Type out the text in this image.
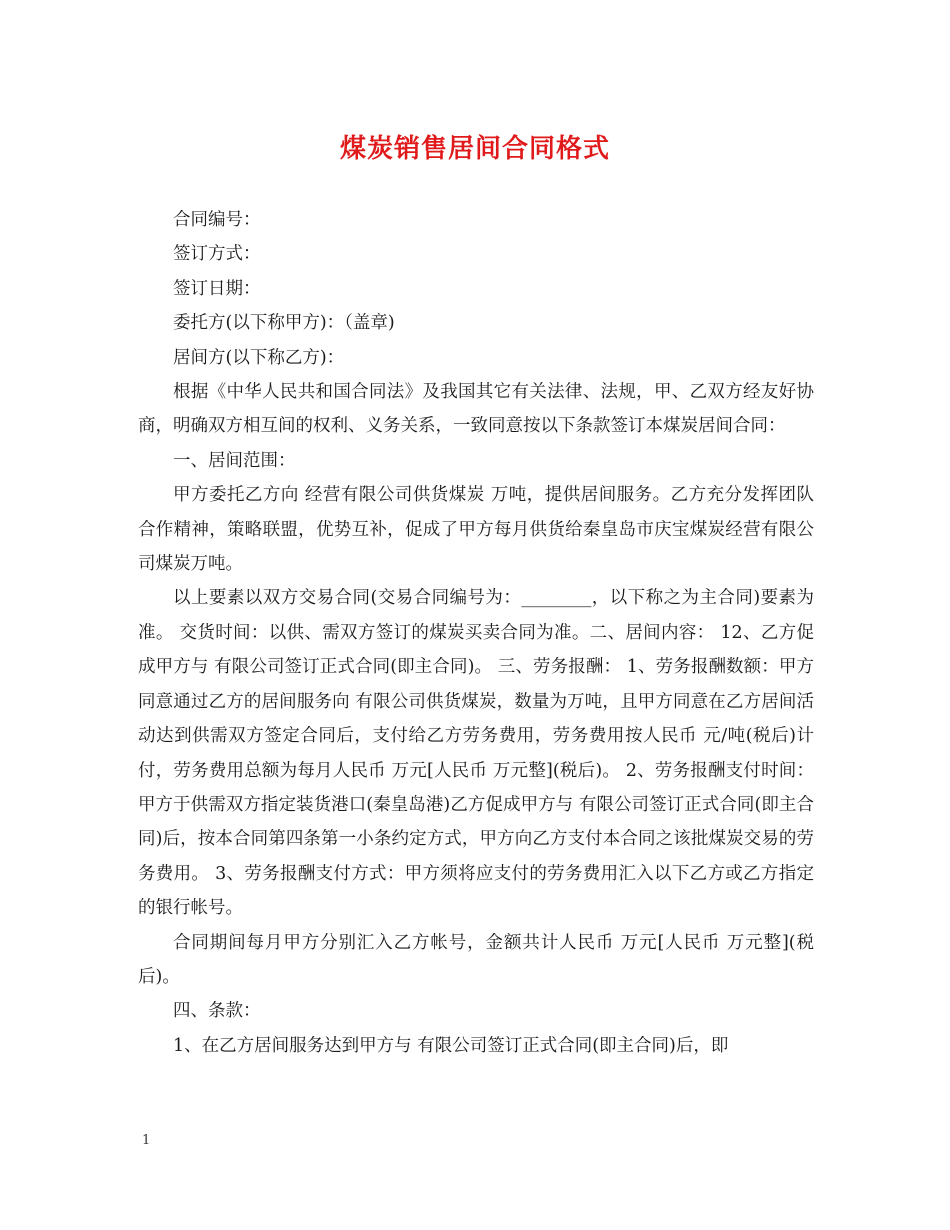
煤炭销售居间合同格式

合同编号：

签订方式：

签订日期：

委托方(以下称甲方)：（盖章)

居间方(以下称乙方)：

根据《中华人民共和国合同法》及我国其它有关法律、法规，甲、乙双方经友好协商，明确双方相互间的权利、义务关系，一致同意按以下条款签订本煤炭居间合同：

一、居间范围：

甲方委托乙方向 经营有限公司供货煤炭 万吨，提供居间服务。乙方充分发挥团队合作精神，策略联盟，优势互补，促成了甲方每月供货给秦皇岛市庆宝煤炭经营有限公司煤炭万吨。

以上要素以双方交易合同(交易合同编号为：________，以下称之为主合同)要素为准。 交货时间：以供、需双方签订的煤炭买卖合同为准。二、居间内容： 12、乙方促成甲方与 有限公司签订正式合同(即主合同)。 三、劳务报酬： 1、劳务报酬数额：甲方同意通过乙方的居间服务向 有限公司供货煤炭，数量为万吨，且甲方同意在乙方居间活动达到供需双方签定合同后，支付给乙方劳务费用，劳务费用按人民币 元/吨(税后)计付，劳务费用总额为每月人民币 万元[人民币 万元整](税后)。 2、劳务报酬支付时间：甲方于供需双方指定装货港口(秦皇岛港)乙方促成甲方与 有限公司签订正式合同(即主合同)后，按本合同第四条第一小条约定方式，甲方向乙方支付本合同之该批煤炭交易的劳务费用。 3、劳务报酬支付方式：甲方须将应支付的劳务费用汇入以下乙方或乙方指定的银行帐号。

合同期间每月甲方分别汇入乙方帐号，金额共计人民币 万元[人民币 万元整](税后)。

四、条款：

1、在乙方居间服务达到甲方与 有限公司签订正式合同(即主合同)后，即

1
